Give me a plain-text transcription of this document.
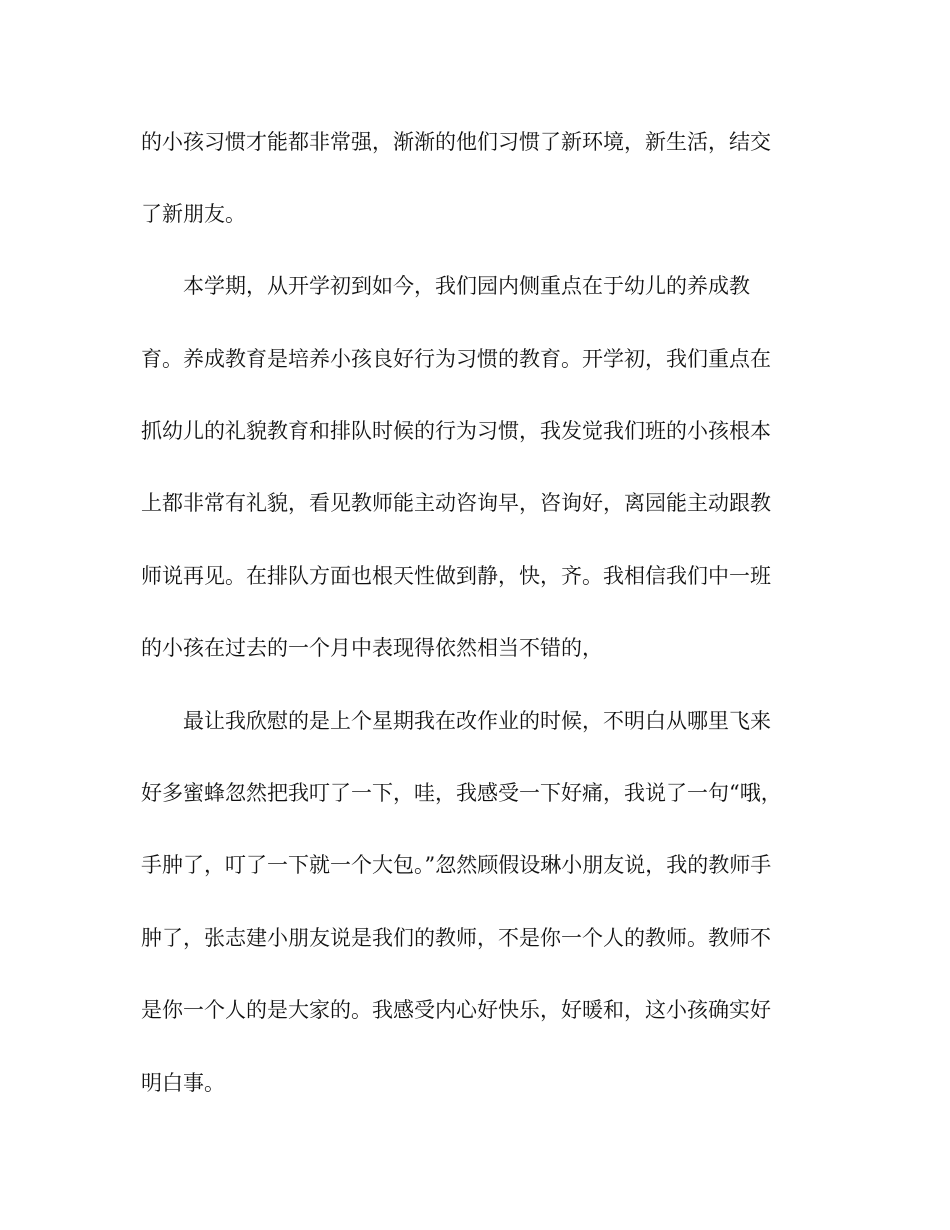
的小孩习惯才能都非常强，渐渐的他们习惯了新环境，新生活，结交
了新朋友。
本学期，从开学初到如今，我们园内侧重点在于幼儿的养成教
育。养成教育是培养小孩良好行为习惯的教育。开学初，我们重点在
抓幼儿的礼貌教育和排队时候的行为习惯，我发觉我们班的小孩根本
上都非常有礼貌，看见教师能主动咨询早，咨询好，离园能主动跟教
师说再见。在排队方面也根天性做到静，快，齐。我相信我们中一班
的小孩在过去的一个月中表现得依然相当不错的，
最让我欣慰的是上个星期我在改作业的时候，不明白从哪里飞来
好多蜜蜂忽然把我叮了一下，哇，我感受一下好痛，我说了一句“哦，
手肿了，叮了一下就一个大包。”忽然顾假设琳小朋友说，我的教师手
肿了，张志建小朋友说是我们的教师，不是你一个人的教师。教师不
是你一个人的是大家的。我感受内心好快乐，好暖和，这小孩确实好
明白事。
